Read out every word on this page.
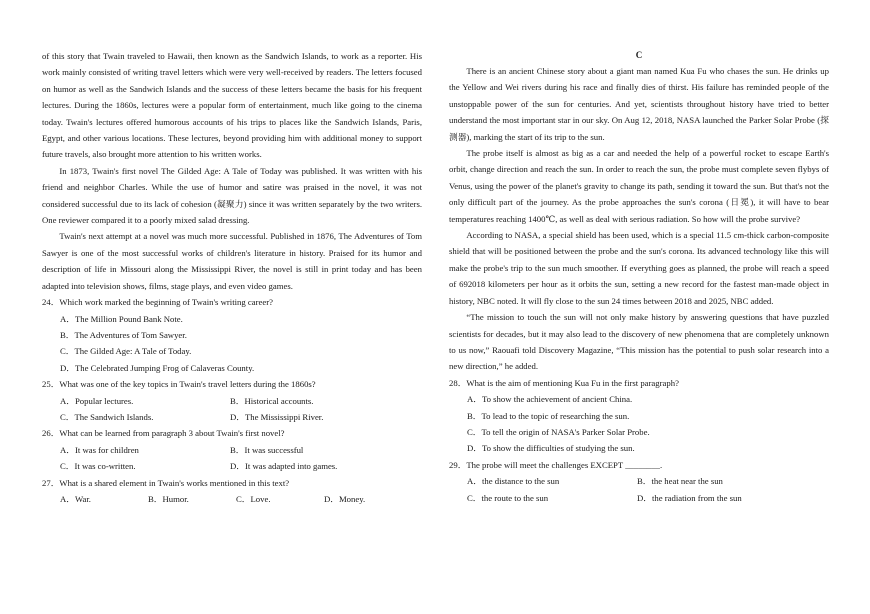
of this story that Twain traveled to Hawaii, then known as the Sandwich Islands, to work as a reporter. His work mainly consisted of writing travel letters which were very well-received by readers. The letters focused on humor as well as the Sandwich Islands and the success of these letters became the basis for his frequent lectures. During the 1860s, lectures were a popular form of entertainment, much like going to the cinema today. Twain's lectures offered humorous accounts of his trips to places like the Sandwich Islands, Paris, Egypt, and other various locations. These lectures, beyond providing him with additional money to support future travels, also brought more attention to his written works.

In 1873, Twain's first novel The Gilded Age: A Tale of Today was published. It was written with his friend and neighbor Charles. While the use of humor and satire was praised in the novel, it was not considered successful due to its lack of cohesion (凝聚力) since it was written separately by the two writers. One reviewer compared it to a poorly mixed salad dressing.

Twain's next attempt at a novel was much more successful. Published in 1876, The Adventures of Tom Sawyer is one of the most successful works of children's literature in history. Praised for its humor and description of life in Missouri along the Mississippi River, the novel is still in print today and has been adapted into television shows, films, stage plays, and even video games.

24．Which work marked the beginning of Twain's writing career?

A．The Million Pound Bank Note.
B．The Adventures of Tom Sawyer.
C．The Gilded Age: A Tale of Today.
D．The Celebrated Jumping Frog of Calaveras County.

25．What was one of the key topics in Twain's travel letters during the 1860s?

A．Popular lectures.	B．Historical accounts.
C．The Sandwich Islands.	D．The Mississippi River.

26．What can be learned from paragraph 3 about Twain's first novel?

A．It was for children	B．It was successful
C．It was co-written.	D．It was adapted into games.

27．What is a shared element in Twain's works mentioned in this text?

A．War.	B．Humor.	C．Love.	D．Money.

C

There is an ancient Chinese story about a giant man named Kua Fu who chases the sun. He drinks up the Yellow and Wei rivers during his race and finally dies of thirst. His failure has reminded people of the unstoppable power of the sun for centuries. And yet, scientists throughout history have tried to better understand the most important star in our sky. On Aug 12, 2018, NASA launched the Parker Solar Probe (探测器), marking the start of its trip to the sun.

The probe itself is almost as big as a car and needed the help of a powerful rocket to escape Earth's orbit, change direction and reach the sun. In order to reach the sun, the probe must complete seven flybys of Venus, using the power of the planet's gravity to change its path, sending it toward the sun. But that's not the only difficult part of the journey. As the probe approaches the sun's corona (日冕), it will have to bear temperatures reaching 1400℃, as well as deal with serious radiation. So how will the probe survive?

According to NASA, a special shield has been used, which is a special 11.5 cm-thick carbon-composite shield that will be positioned between the probe and the sun's corona. Its advanced technology like this will make the probe's trip to the sun much smoother. If everything goes as planned, the probe will reach a speed of 692018 kilometers per hour as it orbits the sun, setting a new record for the fastest man-made object in history, NBC noted. It will fly close to the sun 24 times between 2018 and 2025, NBC added.

“The mission to touch the sun will not only make history by answering questions that have puzzled scientists for decades, but it may also lead to the discovery of new phenomena that are completely unknown to us now,” Raouafi told Discovery Magazine, “This mission has the potential to push solar research into a new direction,” he added.

28．What is the aim of mentioning Kua Fu in the first paragraph?

A．To show the achievement of ancient China.
B．To lead to the topic of researching the sun.
C．To tell the origin of NASA's Parker Solar Probe.
D．To show the difficulties of studying the sun.

29．The probe will meet the challenges EXCEPT ________.

A．the distance to the sun	B．the heat near the sun
C．the route to the sun	D．the radiation from the sun
